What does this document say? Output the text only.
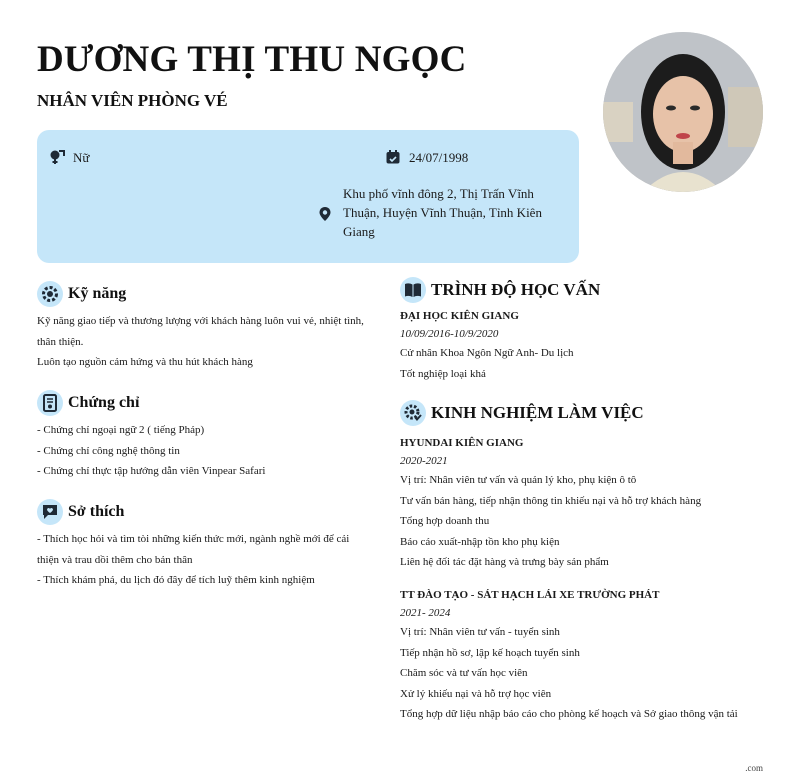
DƯƠNG THỊ THU NGỌC
NHÂN VIÊN PHÒNG VÉ
Nữ	24/07/1998
Khu phố vĩnh đông 2, Thị Trấn Vĩnh Thuận, Huyện Vĩnh Thuận, Tỉnh Kiên Giang
Kỹ năng
Kỹ năng giao tiếp và thương lượng với khách hàng luôn vui vẻ, nhiệt tình, thân thiện.
Luôn tạo nguồn cảm hứng và thu hút khách hàng
Chứng chỉ
- Chứng chỉ ngoại ngữ 2 ( tiếng Pháp)
- Chứng chỉ công nghệ thông tin
- Chứng chỉ thực tập hướng dẫn viên Vinpear Safari
Sở thích
- Thích học hỏi và tìm tòi những kiến thức mới, ngành nghề mới để cải thiện và trau dồi thêm cho bản thân
- Thích khám phá, du lịch đó đây để tích luỹ thêm kinh nghiệm
TRÌNH ĐỘ HỌC VẤN
ĐẠI HỌC KIÊN GIANG
10/09/2016-10/9/2020
Cử nhân Khoa Ngôn Ngữ Anh- Du lịch
Tốt nghiệp loại khá
KINH NGHIỆM LÀM VIỆC
HYUNDAI KIÊN GIANG
2020-2021
Vị trí: Nhân viên tư vấn và quản lý kho, phụ kiện ô tô
Tư vấn bán hàng, tiếp nhận thông tin khiếu nại và hỗ trợ khách hàng
Tổng hợp doanh thu
Báo cáo xuất-nhập tồn kho phụ kiện
Liên hệ đối tác đặt hàng và trưng bày sản phẩm
TT ĐÀO TẠO - SÁT HẠCH LÁI XE TRƯỜNG PHÁT
2021- 2024
Vị trí: Nhân viên tư vấn - tuyển sinh
Tiếp nhận hồ sơ, lập kế hoạch tuyển sinh
Chăm sóc và tư vấn học viên
Xử lý khiếu nại và hỗ trợ học viên
Tổng hợp dữ liệu nhập báo cáo cho phòng kế hoạch và Sở giao thông vận tải
.com
